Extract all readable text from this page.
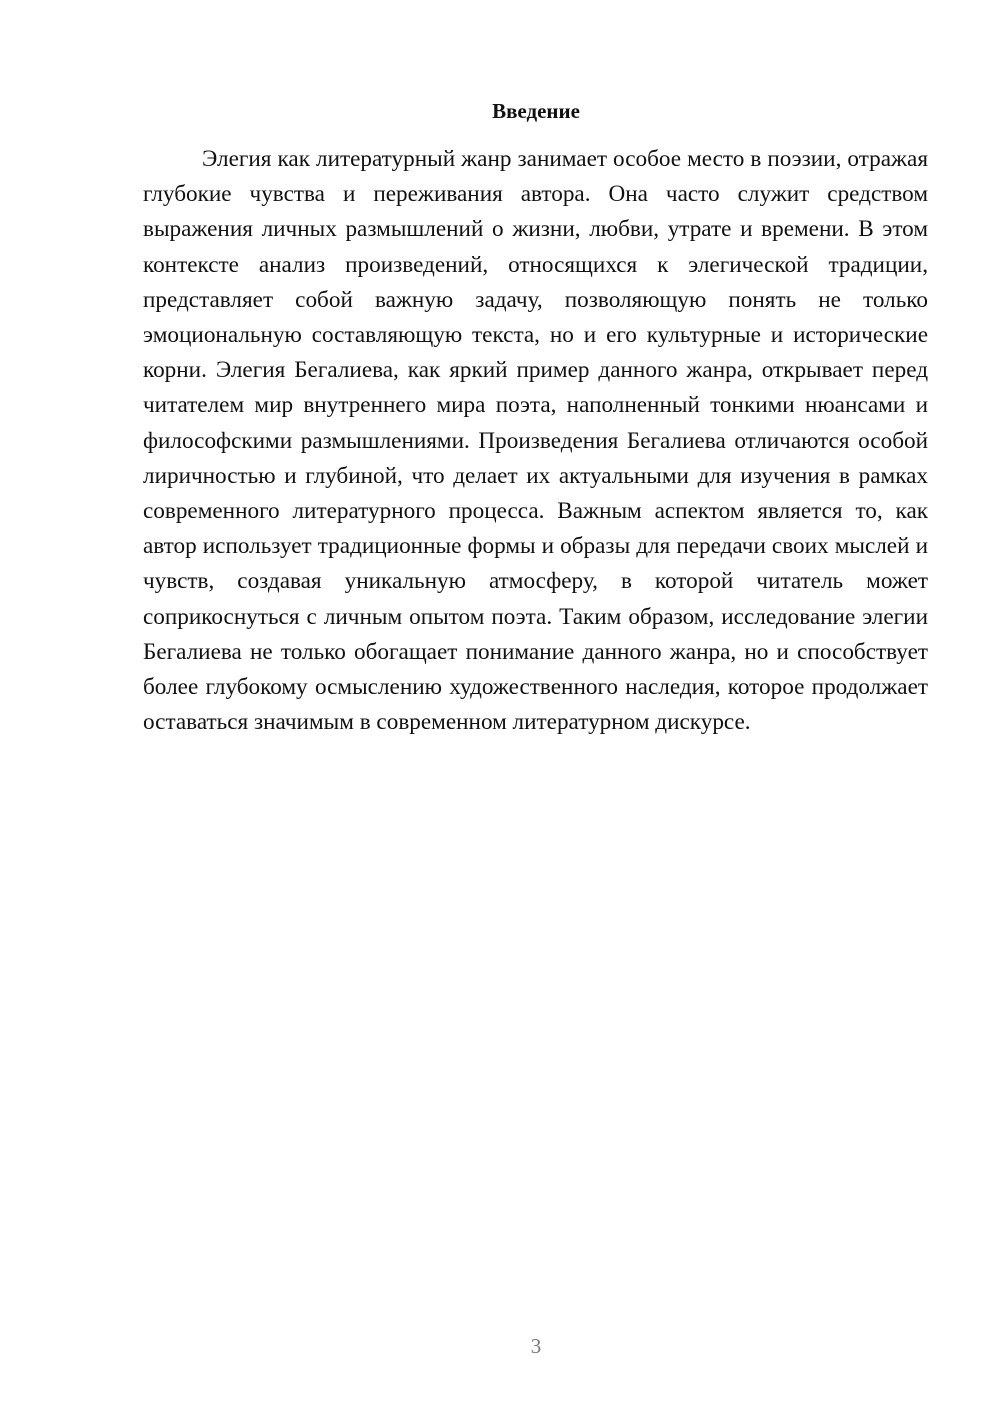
Введение

Элегия как литературный жанр занимает особое место в поэзии, отражая глубокие чувства и переживания автора. Она часто служит средством выражения личных размышлений о жизни, любви, утрате и времени. В этом контексте анализ произведений, относящихся к элегической традиции, представляет собой важную задачу, позволяющую понять не только эмоциональную составляющую текста, но и его культурные и исторические корни. Элегия Бегалиева, как яркий пример данного жанра, открывает перед читателем мир внутреннего мира поэта, наполненный тонкими нюансами и философскими размышлениями. Произведения Бегалиева отличаются особой лиричностью и глубиной, что делает их актуальными для изучения в рамках современного литературного процесса. Важным аспектом является то, как автор использует традиционные формы и образы для передачи своих мыслей и чувств, создавая уникальную атмосферу, в которой читатель может соприкоснуться с личным опытом поэта. Таким образом, исследование элегии Бегалиева не только обогащает понимание данного жанра, но и способствует более глубокому осмыслению художественного наследия, которое продолжает оставаться значимым в современном литературном дискурсе.

3
